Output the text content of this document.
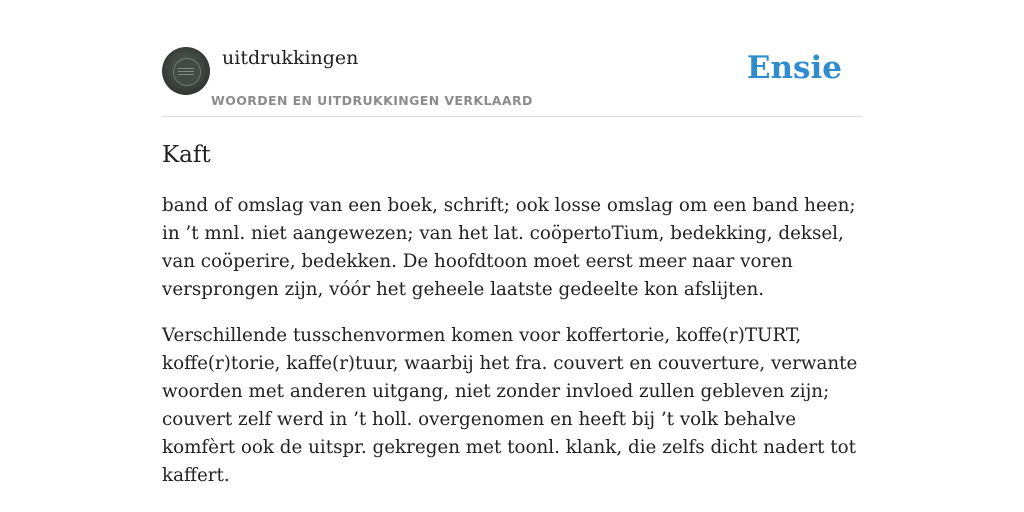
uitdrukkingen
WOORDEN EN UITDRUKKINGEN VERKLAARD
Ensie
Kaft

band of omslag van een boek, schrift; ook losse omslag om een band heen; in ’t mnl. niet aangewezen; van het lat. coöpertoTium, bedekking, deksel, van coöperire, bedekken. De hoofdtoon moet eerst meer naar voren versprongen zijn, vóór het geheele laatste gedeelte kon afslijten.

Verschillende tusschenvormen komen voor koffertorie, koffe(r)TURT, koffe(r)torie, kaffe(r)tuur, waarbij het fra. couvert en couverture, verwante woorden met anderen uitgang, niet zonder invloed zullen gebleven zijn; couvert zelf werd in ’t holl. overgenomen en heeft bij ’t volk behalve komfèrt ook de uitspr. gekregen met toonl. klank, die zelfs dicht nadert tot kaffert.
